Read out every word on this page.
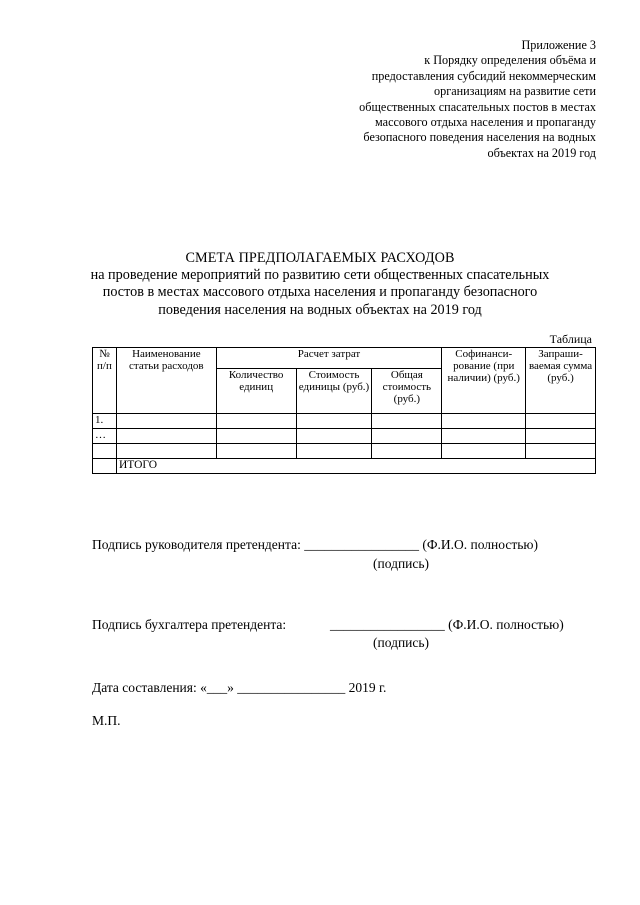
Приложение 3
к Порядку определения объёма и
предоставления субсидий некоммерческим
организациям на развитие сети
общественных спасательных постов в местах
массового отдыха населения и пропаганду
безопасного поведения населения на водных
объектах на 2019 год
СМЕТА ПРЕДПОЛАГАЕМЫХ РАСХОДОВ
на проведение мероприятий по развитию сети общественных спасательных
постов в местах массового отдыха населения и пропаганду безопасного
поведения населения на водных объектах на 2019 год
Таблица
№ п/п	Наименование статьи расходов	Расчет затрат			Софинанси-рование (при наличии) (руб.)	Запраши-ваемая сумма (руб.)
		Количество единиц	Стоимость единицы (руб.)	Общая стоимость (руб.)		
1.						
…						

	ИТОГО					
Подпись руководителя претендента: _________________ (Ф.И.О. полностью)
(подпись)
Подпись бухгалтера претендента:	_________________ (Ф.И.О. полностью)
(подпись)
Дата составления: «___» ________________ 2019 г.
М.П.
